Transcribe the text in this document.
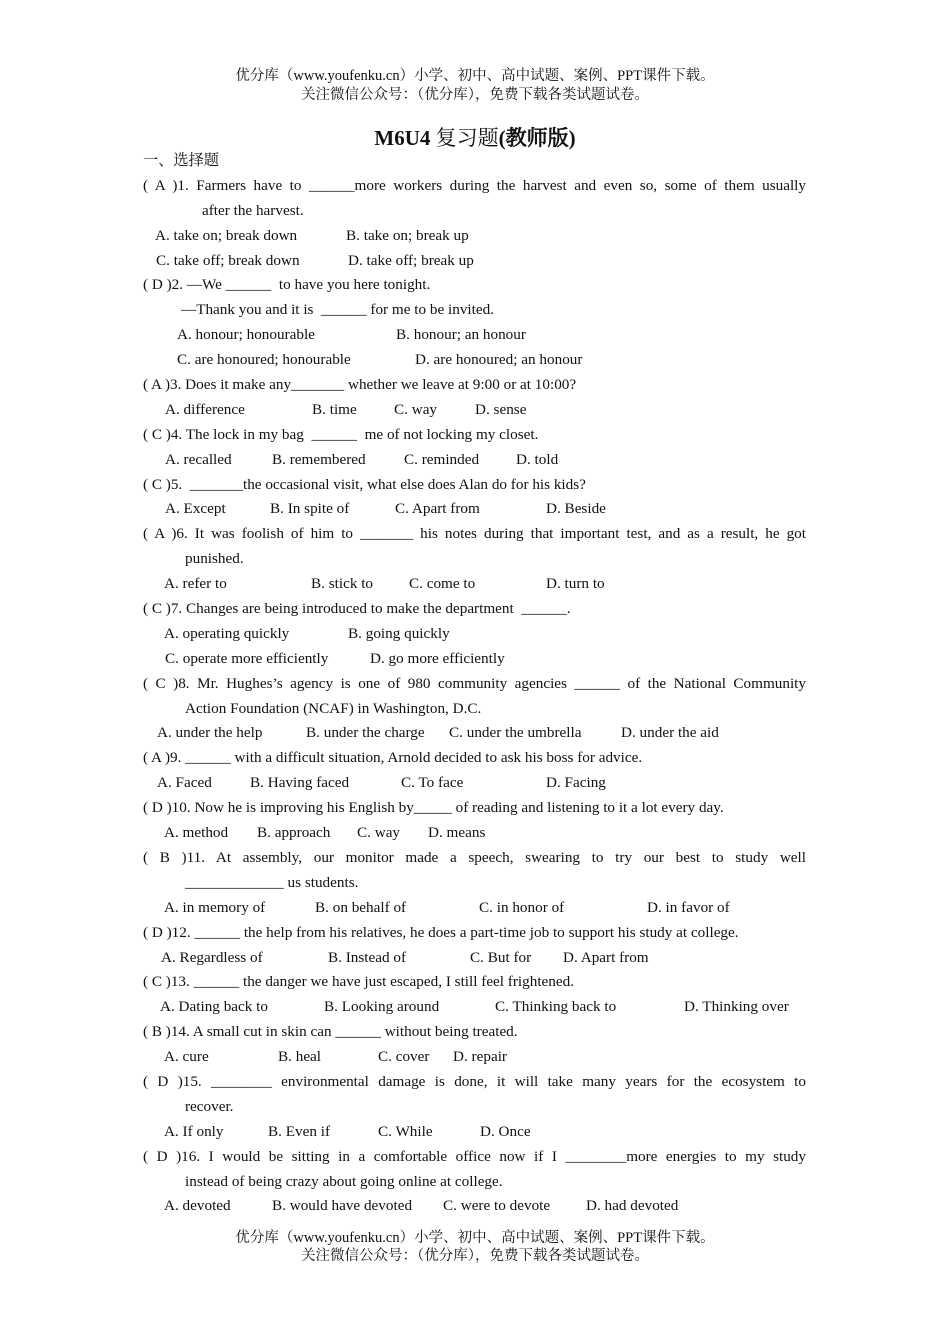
优分库（www.youfenku.cn）小学、初中、高中试题、案例、PPT课件下载。
关注微信公众号：（优分库），免费下载各类试题试卷。
M6U4 复习题(教师版)
一、选择题
( A )1. Farmers have to ______more workers during the harvest and even so, some of them usually
after the harvest.
A. take on; break down	B. take on; break up
C. take off; break down	D. take off; break up
( D )2. —We ______  to have you here tonight.
—Thank you and it is  ______ for me to be invited.
A. honour; honourable	B. honour; an honour
C. are honoured; honourable	D. are honoured; an honour
( A )3. Does it make any_______ whether we leave at 9:00 or at 10:00?
A. difference	B. time C. way D. sense
( C )4. The lock in my bag  ______  me of not locking my closet.
A. recalled	B. remembered	C. reminded D. told
( C )5.  _______the occasional visit, what else does Alan do for his kids?
A. Except	B. In spite of	C. Apart from	D. Beside
( A )6. It was foolish of him to _______ his notes during that important test, and as a result, he got
punished.
A. refer to	B. stick to C. come to	D. turn to
( C )7. Changes are being introduced to make the department  ______.
A. operating quickly	B. going quickly
C. operate more efficiently	D. go more efficiently
( C )8. Mr. Hughes’s agency is one of 980 community agencies ______ of the National Community
Action Foundation (NCAF) in Washington, D.C.
A. under the help	B. under the charge C. under the umbrella	D. under the aid
( A )9. ______ with a difficult situation, Arnold decided to ask his boss for advice.
A. Faced	B. Having faced	C. To face	D. Facing
( D )10. Now he is improving his English by_____ of reading and listening to it a lot every day.
A. method B. approach C. way D. means
( B )11. At assembly, our monitor made a speech, swearing to try our best to study well
_____________ us students.
A. in memory of	B. on behalf of	C. in honor of	D. in favor of
( D )12. ______ the help from his relatives, he does a part-time job to support his study at college.
A. Regardless of	B. Instead of	C. But for D. Apart from
( C )13. ______ the danger we have just escaped, I still feel frightened.
A. Dating back to	B. Looking around	C. Thinking back to	D. Thinking over
( B )14. A small cut in skin can ______ without being treated.
A. cure	B. heal	C. cover D. repair
( D )15. ________ environmental damage is done, it will take many years for the ecosystem to
recover.
A. If only	B. Even if	C. While	D. Once
( D )16. I would be sitting in a comfortable office now if I ________more energies to my study
instead of being crazy about going online at college.
A. devoted	B. would have devoted C. were to devote D. had devoted
优分库（www.youfenku.cn）小学、初中、高中试题、案例、PPT课件下载。
关注微信公众号：（优分库），免费下载各类试题试卷。
